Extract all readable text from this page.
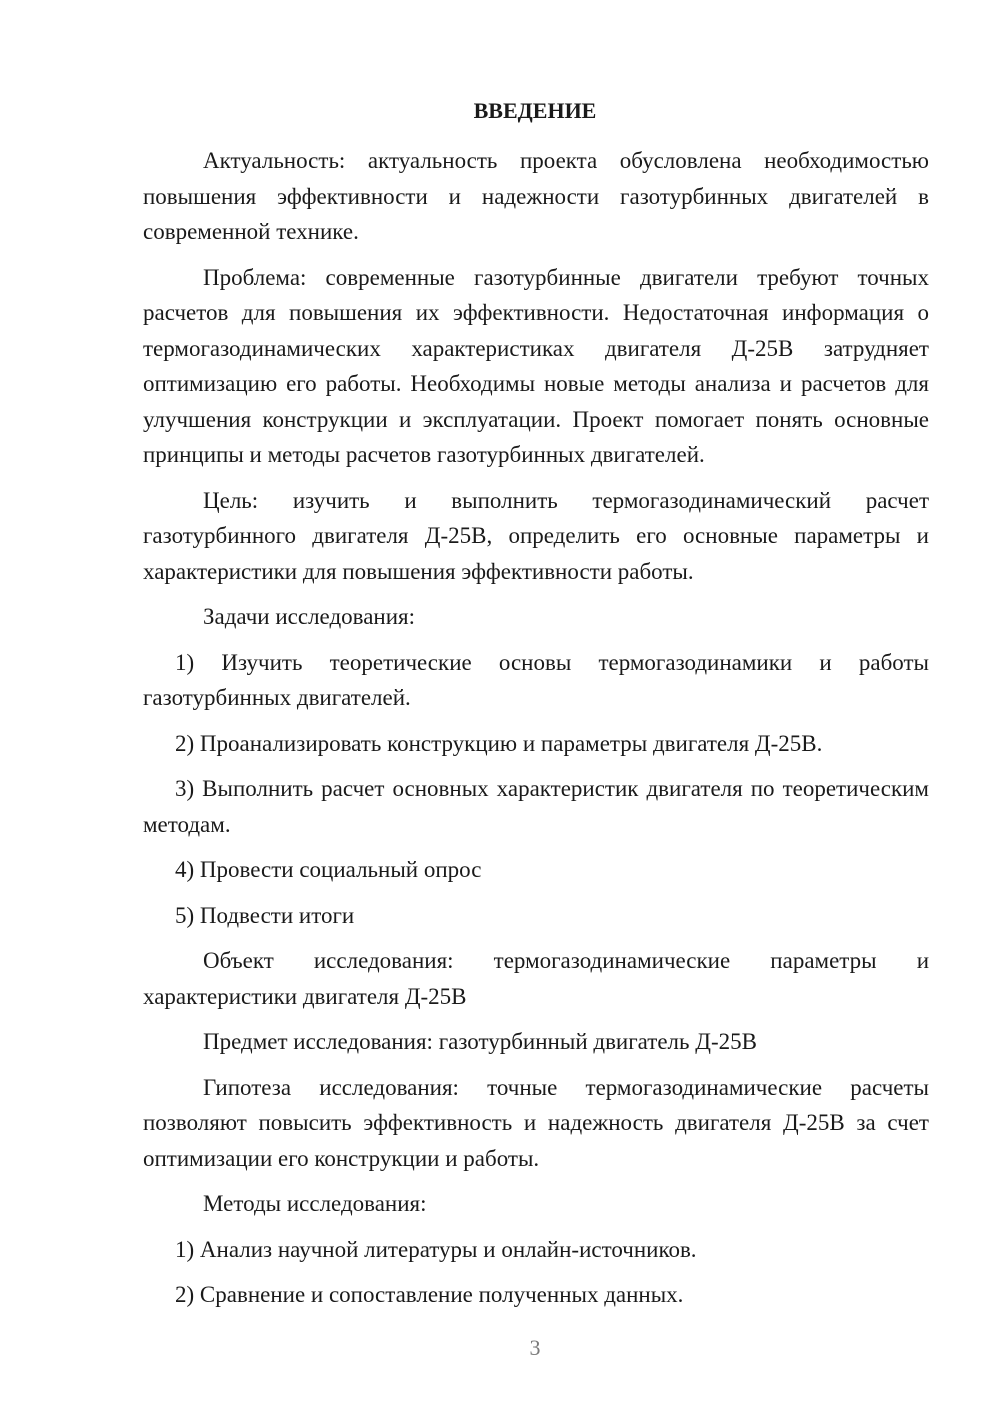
ВВЕДЕНИЕ

Актуальность: актуальность проекта обусловлена необходимостью повышения эффективности и надежности газотурбинных двигателей в современной технике.

Проблема: современные газотурбинные двигатели требуют точных расчетов для повышения их эффективности. Недостаточная информация о термогазодинамических характеристиках двигателя Д-25В затрудняет оптимизацию его работы. Необходимы новые методы анализа и расчетов для улучшения конструкции и эксплуатации. Проект помогает понять основные принципы и методы расчетов газотурбинных двигателей.

Цель: изучить и выполнить термогазодинамический расчет газотурбинного двигателя Д-25В, определить его основные параметры и характеристики для повышения эффективности работы.

Задачи исследования:

1) Изучить теоретические основы термогазодинамики и работы газотурбинных двигателей.

2) Проанализировать конструкцию и параметры двигателя Д-25В.

3) Выполнить расчет основных характеристик двигателя по теоретическим методам.

4) Провести социальный опрос

5) Подвести итоги

Объект исследования: термогазодинамические параметры и характеристики двигателя Д-25В

Предмет исследования: газотурбинный двигатель Д-25В

Гипотеза исследования: точные термогазодинамические расчеты позволяют повысить эффективность и надежность двигателя Д-25В за счет оптимизации его конструкции и работы.

Методы исследования:

1) Анализ научной литературы и онлайн-источников.

2) Сравнение и сопоставление полученных данных.

3
